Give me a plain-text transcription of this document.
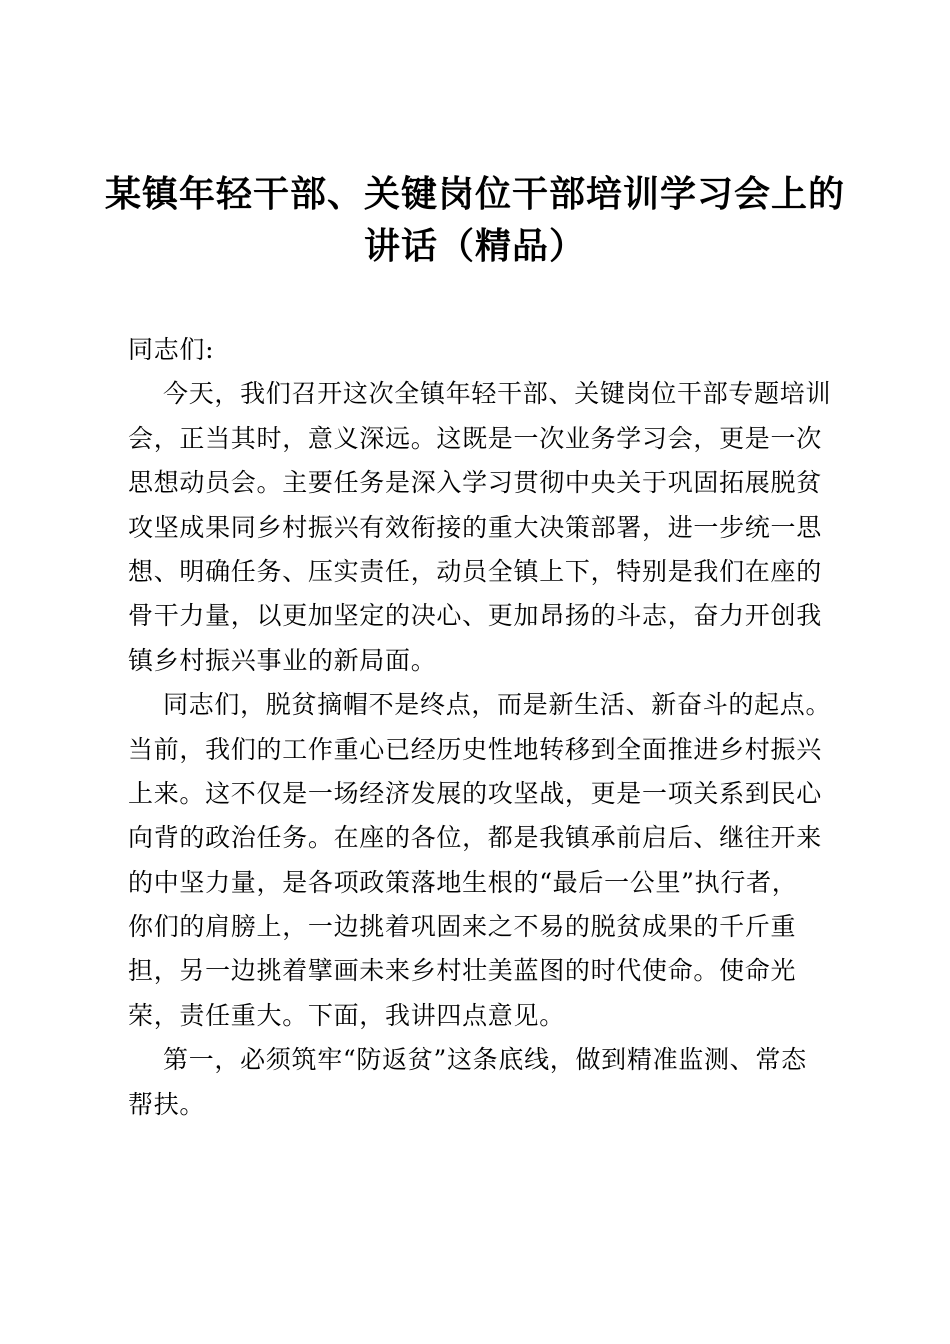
某镇年轻干部、关键岗位干部培训学习会上的
讲话（精品）
同志们:
今天，我们召开这次全镇年轻干部、关键岗位干部专题培训
会，正当其时，意义深远。这既是一次业务学习会，更是一次
思想动员会。主要任务是深入学习贯彻中央关于巩固拓展脱贫
攻坚成果同乡村振兴有效衔接的重大决策部署，进一步统一思
想、明确任务、压实责任，动员全镇上下，特别是我们在座的
骨干力量，以更加坚定的决心、更加昂扬的斗志，奋力开创我
镇乡村振兴事业的新局面。
同志们，脱贫摘帽不是终点，而是新生活、新奋斗的起点。
当前，我们的工作重心已经历史性地转移到全面推进乡村振兴
上来。这不仅是一场经济发展的攻坚战，更是一项关系到民心
向背的政治任务。在座的各位，都是我镇承前启后、继往开来
的中坚力量，是各项政策落地生根的“最后一公里”执行者，
你们的肩膀上，一边挑着巩固来之不易的脱贫成果的千斤重
担，另一边挑着擘画未来乡村壮美蓝图的时代使命。使命光
荣，责任重大。下面，我讲四点意见。
第一，必须筑牢“防返贫”这条底线，做到精准监测、常态
帮扶。
